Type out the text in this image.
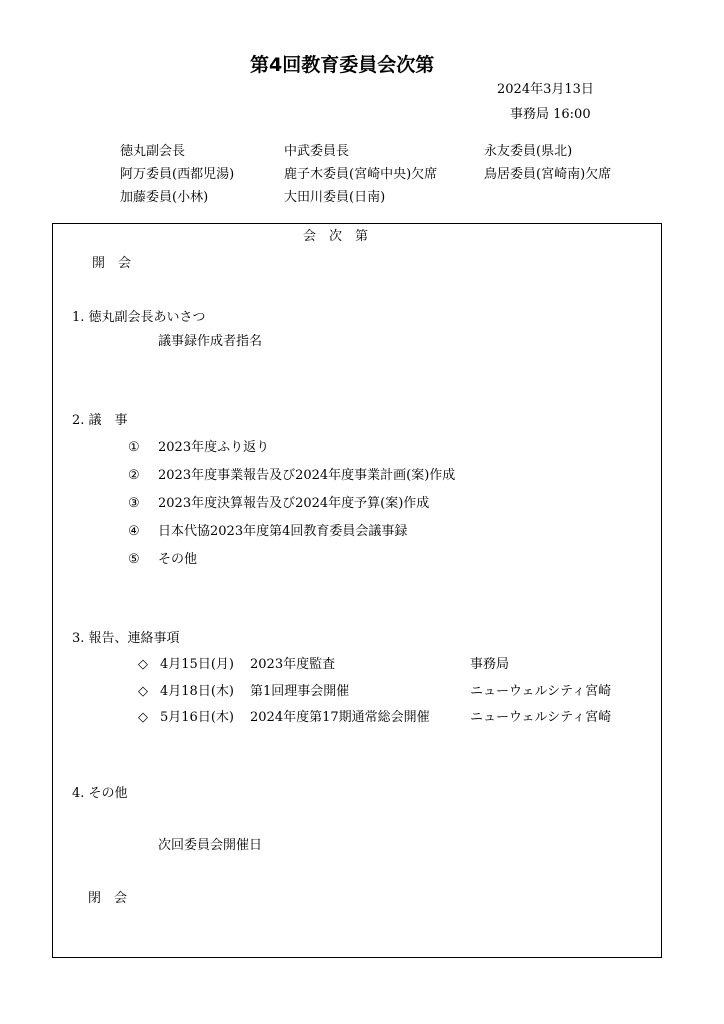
第4回教育委員会次第
2024年3月13日
事務局 16:00
徳丸副会長	中武委員長	永友委員(県北)
阿万委員(西都児湯)	鹿子木委員(宮崎中央)欠席	鳥居委員(宮崎南)欠席
加藤委員(小林)	大田川委員(日南)
会　次　第
開　会
1. 徳丸副会長あいさつ
議事録作成者指名
2. 議　事
① 2023年度ふり返り
② 2023年度事業報告及び2024年度事業計画(案)作成
③ 2023年度決算報告及び2024年度予算(案)作成
④ 日本代協2023年度第4回教育委員会議事録
⑤ その他
3. 報告、連絡事項
◇ 4月15日(月) 2023年度監査	事務局
◇ 4月18日(木) 第1回理事会開催	ニューウェルシティ宮崎
◇ 5月16日(木) 2024年度第17期通常総会開催	ニューウェルシティ宮崎
4. その他
次回委員会開催日
閉　会
